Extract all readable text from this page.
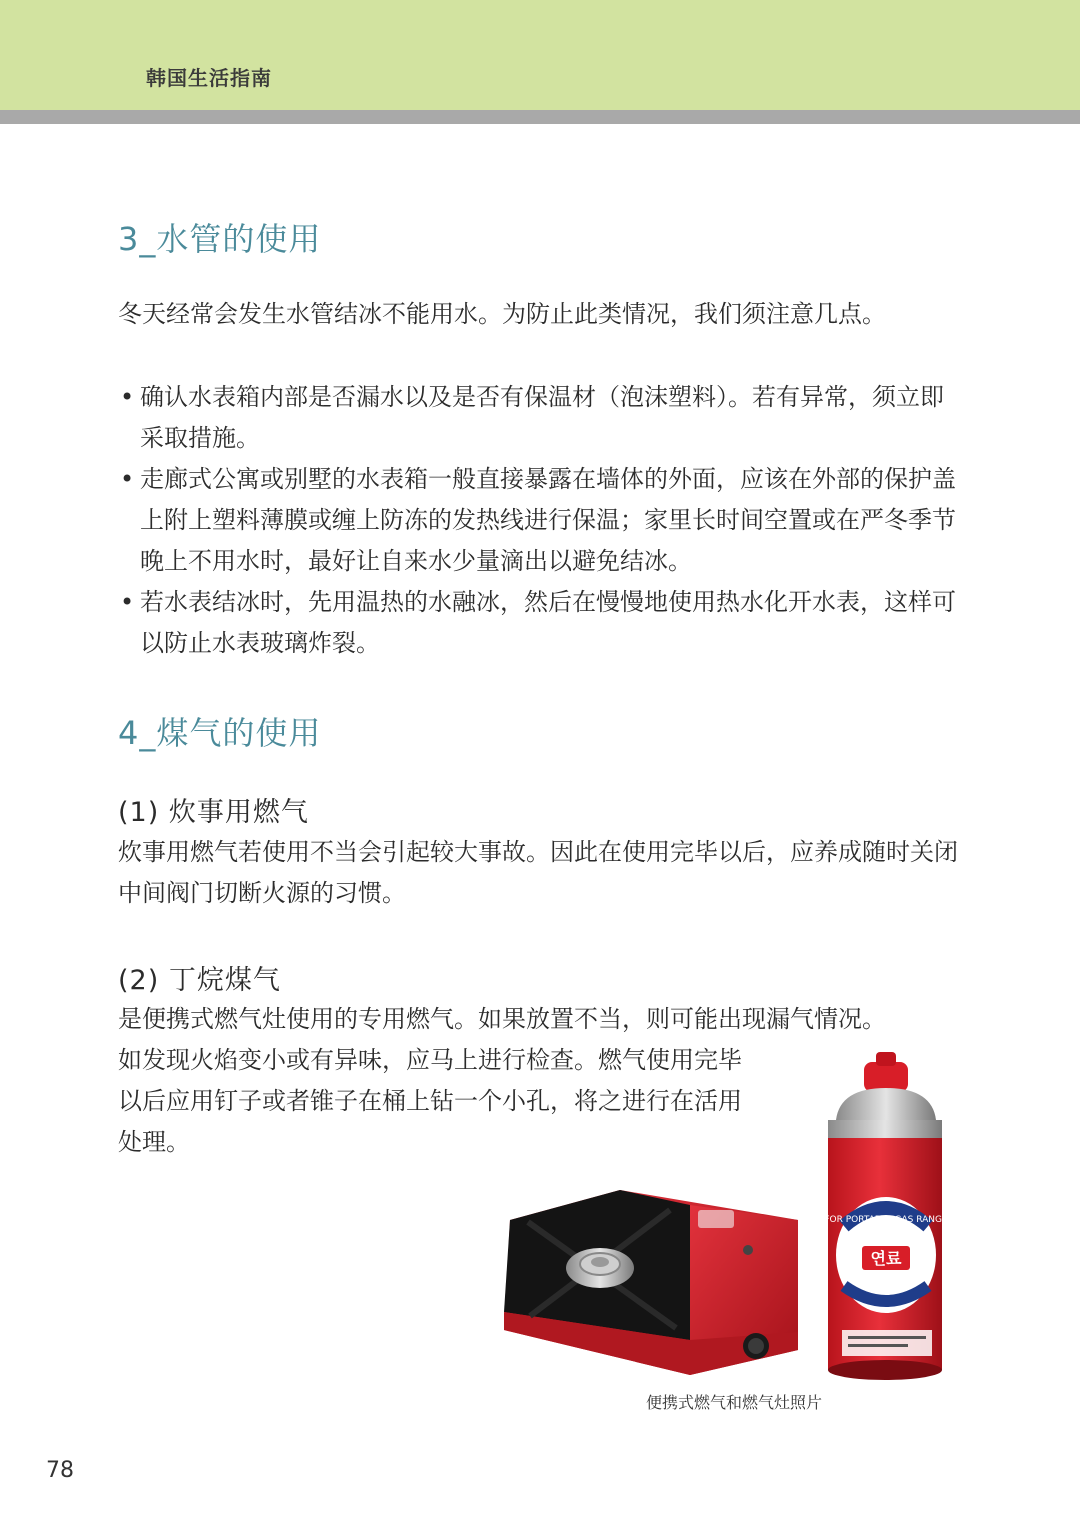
韩国生活指南
3_水管的使用
冬天经常会发生水管结冰不能用水。为防止此类情况，我们须注意几点。
• 确认水表箱内部是否漏水以及是否有保温材（泡沫塑料）。若有异常，须立即采取措施。
• 走廊式公寓或别墅的水表箱一般直接暴露在墙体的外面，应该在外部的保护盖上附上塑料薄膜或缠上防冻的发热线进行保温；家里长时间空置或在严冬季节晚上不用水时，最好让自来水少量滴出以避免结冰。
• 若水表结冰时，先用温热的水融冰，然后在慢慢地使用热水化开水表，这样可以防止水表玻璃炸裂。
4_煤气的使用
(1) 炊事用燃气
炊事用燃气若使用不当会引起较大事故。因此在使用完毕以后，应养成随时关闭中间阀门切断火源的习惯。
(2) 丁烷煤气
是便携式燃气灶使用的专用燃气。如果放置不当，则可能出现漏气情况。
如发现火焰变小或有异味，应马上进行检查。燃气使用完毕
以后应用钉子或者锥子在桶上钻一个小孔，将之进行在活用
处理。
FOR PORTABLE GAS RANGE
연료
便携式燃气和燃气灶照片
78
